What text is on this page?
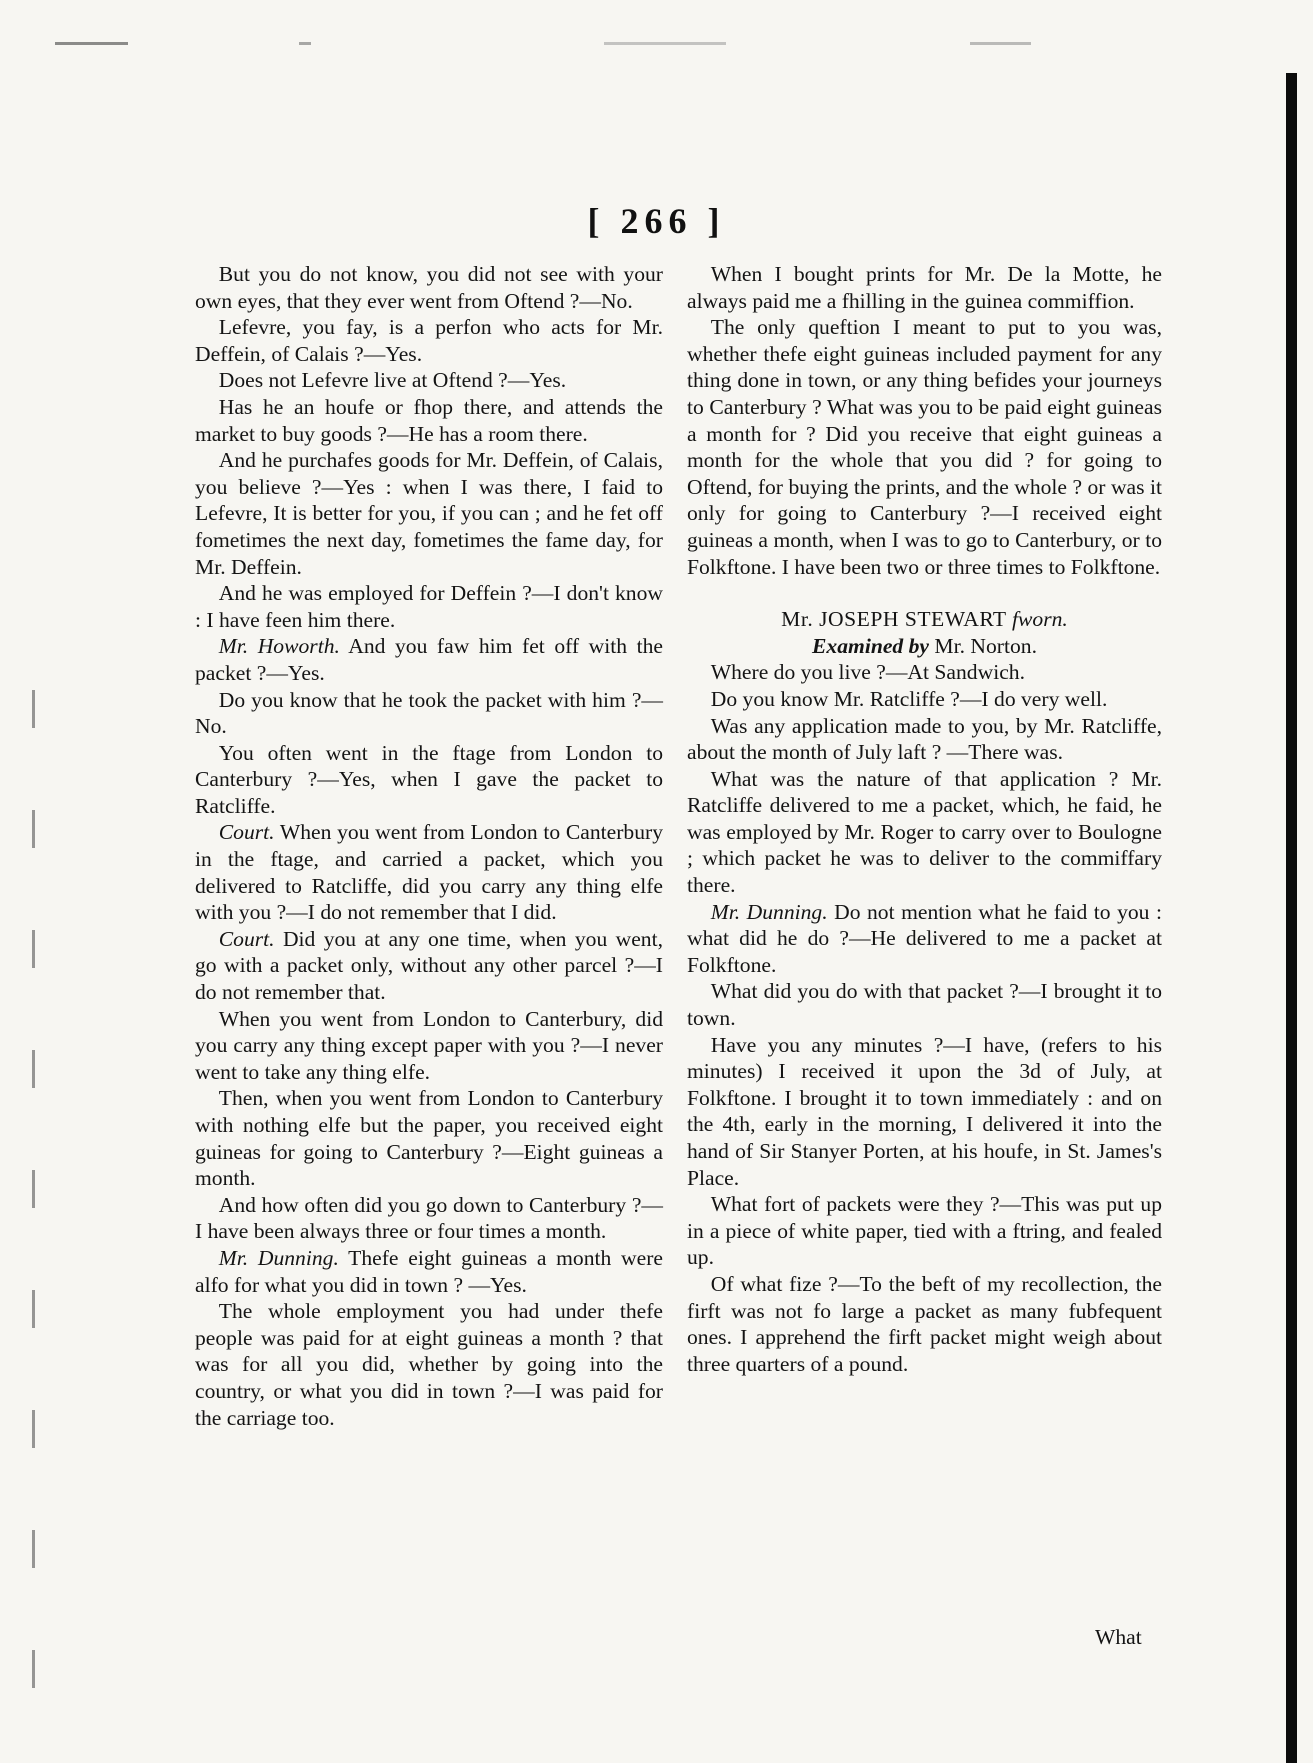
[ 266 ]

But you do not know, you did not see with your own eyes, that they ever went from Oftend ?—No.

Lefevre, you fay, is a perfon who acts for Mr. Deffein, of Calais ?—Yes.

Does not Lefevre live at Oftend ?—Yes.

Has he an houfe or fhop there, and attends the market to buy goods ?—He has a room there.

And he purchafes goods for Mr. Deffein, of Calais, you believe ?—Yes : when I was there, I faid to Lefevre, It is better for you, if you can ; and he fet off fometimes the next day, fometimes the fame day, for Mr. Deffein.

And he was employed for Deffein ?—I don't know : I have feen him there.

Mr. Howorth. And you faw him fet off with the packet ?—Yes.

Do you know that he took the packet with him ?—No.

You often went in the ftage from London to Canterbury ?—Yes, when I gave the packet to Ratcliffe.

Court. When you went from London to Canterbury in the ftage, and carried a packet, which you delivered to Ratcliffe, did you carry any thing elfe with you ?—I do not remember that I did.

Court. Did you at any one time, when you went, go with a packet only, without any other parcel ?—I do not remember that.

When you went from London to Canterbury, did you carry any thing except paper with you ?—I never went to take any thing elfe.

Then, when you went from London to Canterbury with nothing elfe but the paper, you received eight guineas for going to Canterbury ?—Eight guineas a month.

And how often did you go down to Canterbury ?—I have been always three or four times a month.

Mr. Dunning. Thefe eight guineas a month were alfo for what you did in town ? —Yes.

The whole employment you had under thefe people was paid for at eight guineas a month ? that was for all you did, whether by going into the country, or what you did in town ?—I was paid for the carriage too.

When I bought prints for Mr. De la Motte, he always paid me a fhilling in the guinea commiffion.

The only queftion I meant to put to you was, whether thefe eight guineas included payment for any thing done in town, or any thing befides your journeys to Canterbury ? What was you to be paid eight guineas a month for ? Did you receive that eight guineas a month for the whole that you did ? for going to Oftend, for buying the prints, and the whole ? or was it only for going to Canterbury ?—I received eight guineas a month, when I was to go to Canterbury, or to Folkftone. I have been two or three times to Folkftone.

Mr. JOSEPH STEWART fworn.

Examined by Mr. Norton.

Where do you live ?—At Sandwich.

Do you know Mr. Ratcliffe ?—I do very well.

Was any application made to you, by Mr. Ratcliffe, about the month of July laft ? —There was.

What was the nature of that application ? Mr. Ratcliffe delivered to me a packet, which, he faid, he was employed by Mr. Roger to carry over to Boulogne ; which packet he was to deliver to the commiffary there.

Mr. Dunning. Do not mention what he faid to you : what did he do ?—He delivered to me a packet at Folkftone.

What did you do with that packet ?—I brought it to town.

Have you any minutes ?—I have, (refers to his minutes) I received it upon the 3d of July, at Folkftone. I brought it to town immediately : and on the 4th, early in the morning, I delivered it into the hand of Sir Stanyer Porten, at his houfe, in St. James's Place.

What fort of packets were they ?—This was put up in a piece of white paper, tied with a ftring, and fealed up.

Of what fize ?—To the beft of my recollection, the firft was not fo large a packet as many fubfequent ones. I apprehend the firft packet might weigh about three quarters of a pound.

What
